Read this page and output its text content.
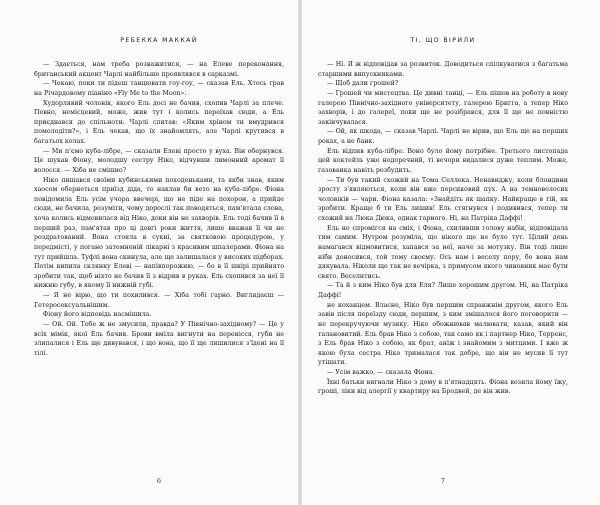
РЕБЕККА МАККАЙ

— Здається, нам треба розважитися, — на Елеве переконання, британський акцент Чарлі найбільше проявлявся в сарказмі.

— Чекаю, поки ти підеш танцювати гоу-гоу, — сказав Ель. Хтось грав на Річардовому піаніно «Fly Me to the Moon».

Худорлявий чоловік, якого Ель досі не бачив, схопив Чарлі за плече. Певно, немісцевий, може, жив тут і колись переїхав сюди, а Ель приєднався до спільноти. Чарлі спитав: «Яким хріном ти вмудрився помолодіти?», і Ель чекав, що їх знайомлять, але Чарлі крутився в багатьох колах.

— Ми п'ємо куба-лібре, — сказали Елеві просто у вуха. Він обернувся. Це шукав Фіону, молодшу сестру Ніко, відчувши лимонний аромат її волосся. — Хіба не смішно?

Ніко пишався своїми кубинськими походеньками, та якби знав, яким хаосом обернеться приїзд дідa, то наклав би вето на куба-лібре. Фіона повідомила Ель усім учора ввечері, що не піде на похорон, а прийде сюди, не бачила, розуміти, чому дорослі так поводяться, пам'ятала слова, хоча колись відмовилася від Ніко, доки він не захворів. Ель тоді бачив її в перший раз, пам'ятав про ці довгі роки життя, лише вважав її чи не роздратований. Вона стояла в сукні, за святковою процедурою, у передмісті, у погано затемненій лікарні з красивим шпалерами. Фіона на тут прийшла. Туфлі вона скинула, але ще залишалася у високих підборах. Потім випила склянку Елеві — напівпорожню, — бо в її шкірі прийнято зробити так, щоб ніхто не бачив її з відрив в руках. Ель схопився за неї її нижню губу, в якому її нижній губі.

— Я не вірю, що ти похилився. — Хіба тобі гарно. Виглядаєш — Гетеросексуальнішим.

Фіону його відповідь насмішила.

— Ой. Ой. Тебе ж не змусили, правда? У Північно-західному? — Це у всіх мімік, якої Ель бачив. Брови вміла вигнути на перенісся, губи не злипалися і Ель ще дивувався, і що вона, що її ще лишилися з'їдені на її тілі.

6
ТІ, ЩО ВІРИЛИ

— Ні. Я ж відповідав за розвиток. Доводиться спілкуватися з багатьма старшими випускниками.

— Щоб дали грошей?

— Грошей чи мистецтва. Це дивні танці, — Ель пішов на роботу в нову галерею Північно-західного університету, галерею Бригга, а тепер Ніко захворів, і до галереї, поки ще не розібрався, для її ще не повністю закінчувалася.

— Ой, як шкода, — сказав Чарлі. Чарлі не вірив, що Ель ще на перших роках, а не банк.

Ель відпив куба-лібре. Воно було йому потрібне. Третього листопада цей коктейль уже недоречний, ті вечори видалися дуже теплим. Може, газованка навіть розбудить.

— Ти був такий схожий на Тома Селлека. Ненавиджу, коли блондини зросту з'являються, коли він вже персиковий пух. А на темноволосих чоловіків — чари. Фіона казала: «Знайдіть як шапку. Найкраще в тій, як зробити. Краще б ти Ель лишив! Ель стягнувся і подивився, тепер ти схожий на Люка Дюка, однак гарного. Ні, на Патріка Даффі!

Ель не спромігся на сміх, і Фіона, схиливши голову набік, відповідала тим самим. Нутром розуміла, що нікого ще не було тут. Цілий день намагався відмовитися, хапався за неї, наче за мотузку. Він тоді лише ніби доносився, той тому своєму. Ось нам і веселу пору, бо вона нам дякувала. Ніколи ще так не вечірка, з примусом якого чиновник має бути свято. Веселитись.

— Та й з ким Ніко був для Еля? Лише хорошим другом. Ні, на Патріка Даффі!

не коханцем. Власне, Ніко був першим справжнім другом, якого Ель завів після переїзду сюди, першим, з ким змішалося його поговорити — не перекручуючи музику. Ніко обожнював малювати, казав, який він талановитий. Ель брав Ніко з собою, так само як і партнер Ніко, Терренс, з Ель брав Ніко з собою, як брат, аніж і знайомим з митцями. І вже ж якою була сестра Ніко трималася так добре, що він не мусив її тут утішати.

— Усім важко, — сказала Фіона.

Їхні батьки вигнали Ніко з дому в п'ятнадцять. Фіона возила йому їжу, гроші, ліки від алергії у квартиру на Бродвей, де він жив.

7
